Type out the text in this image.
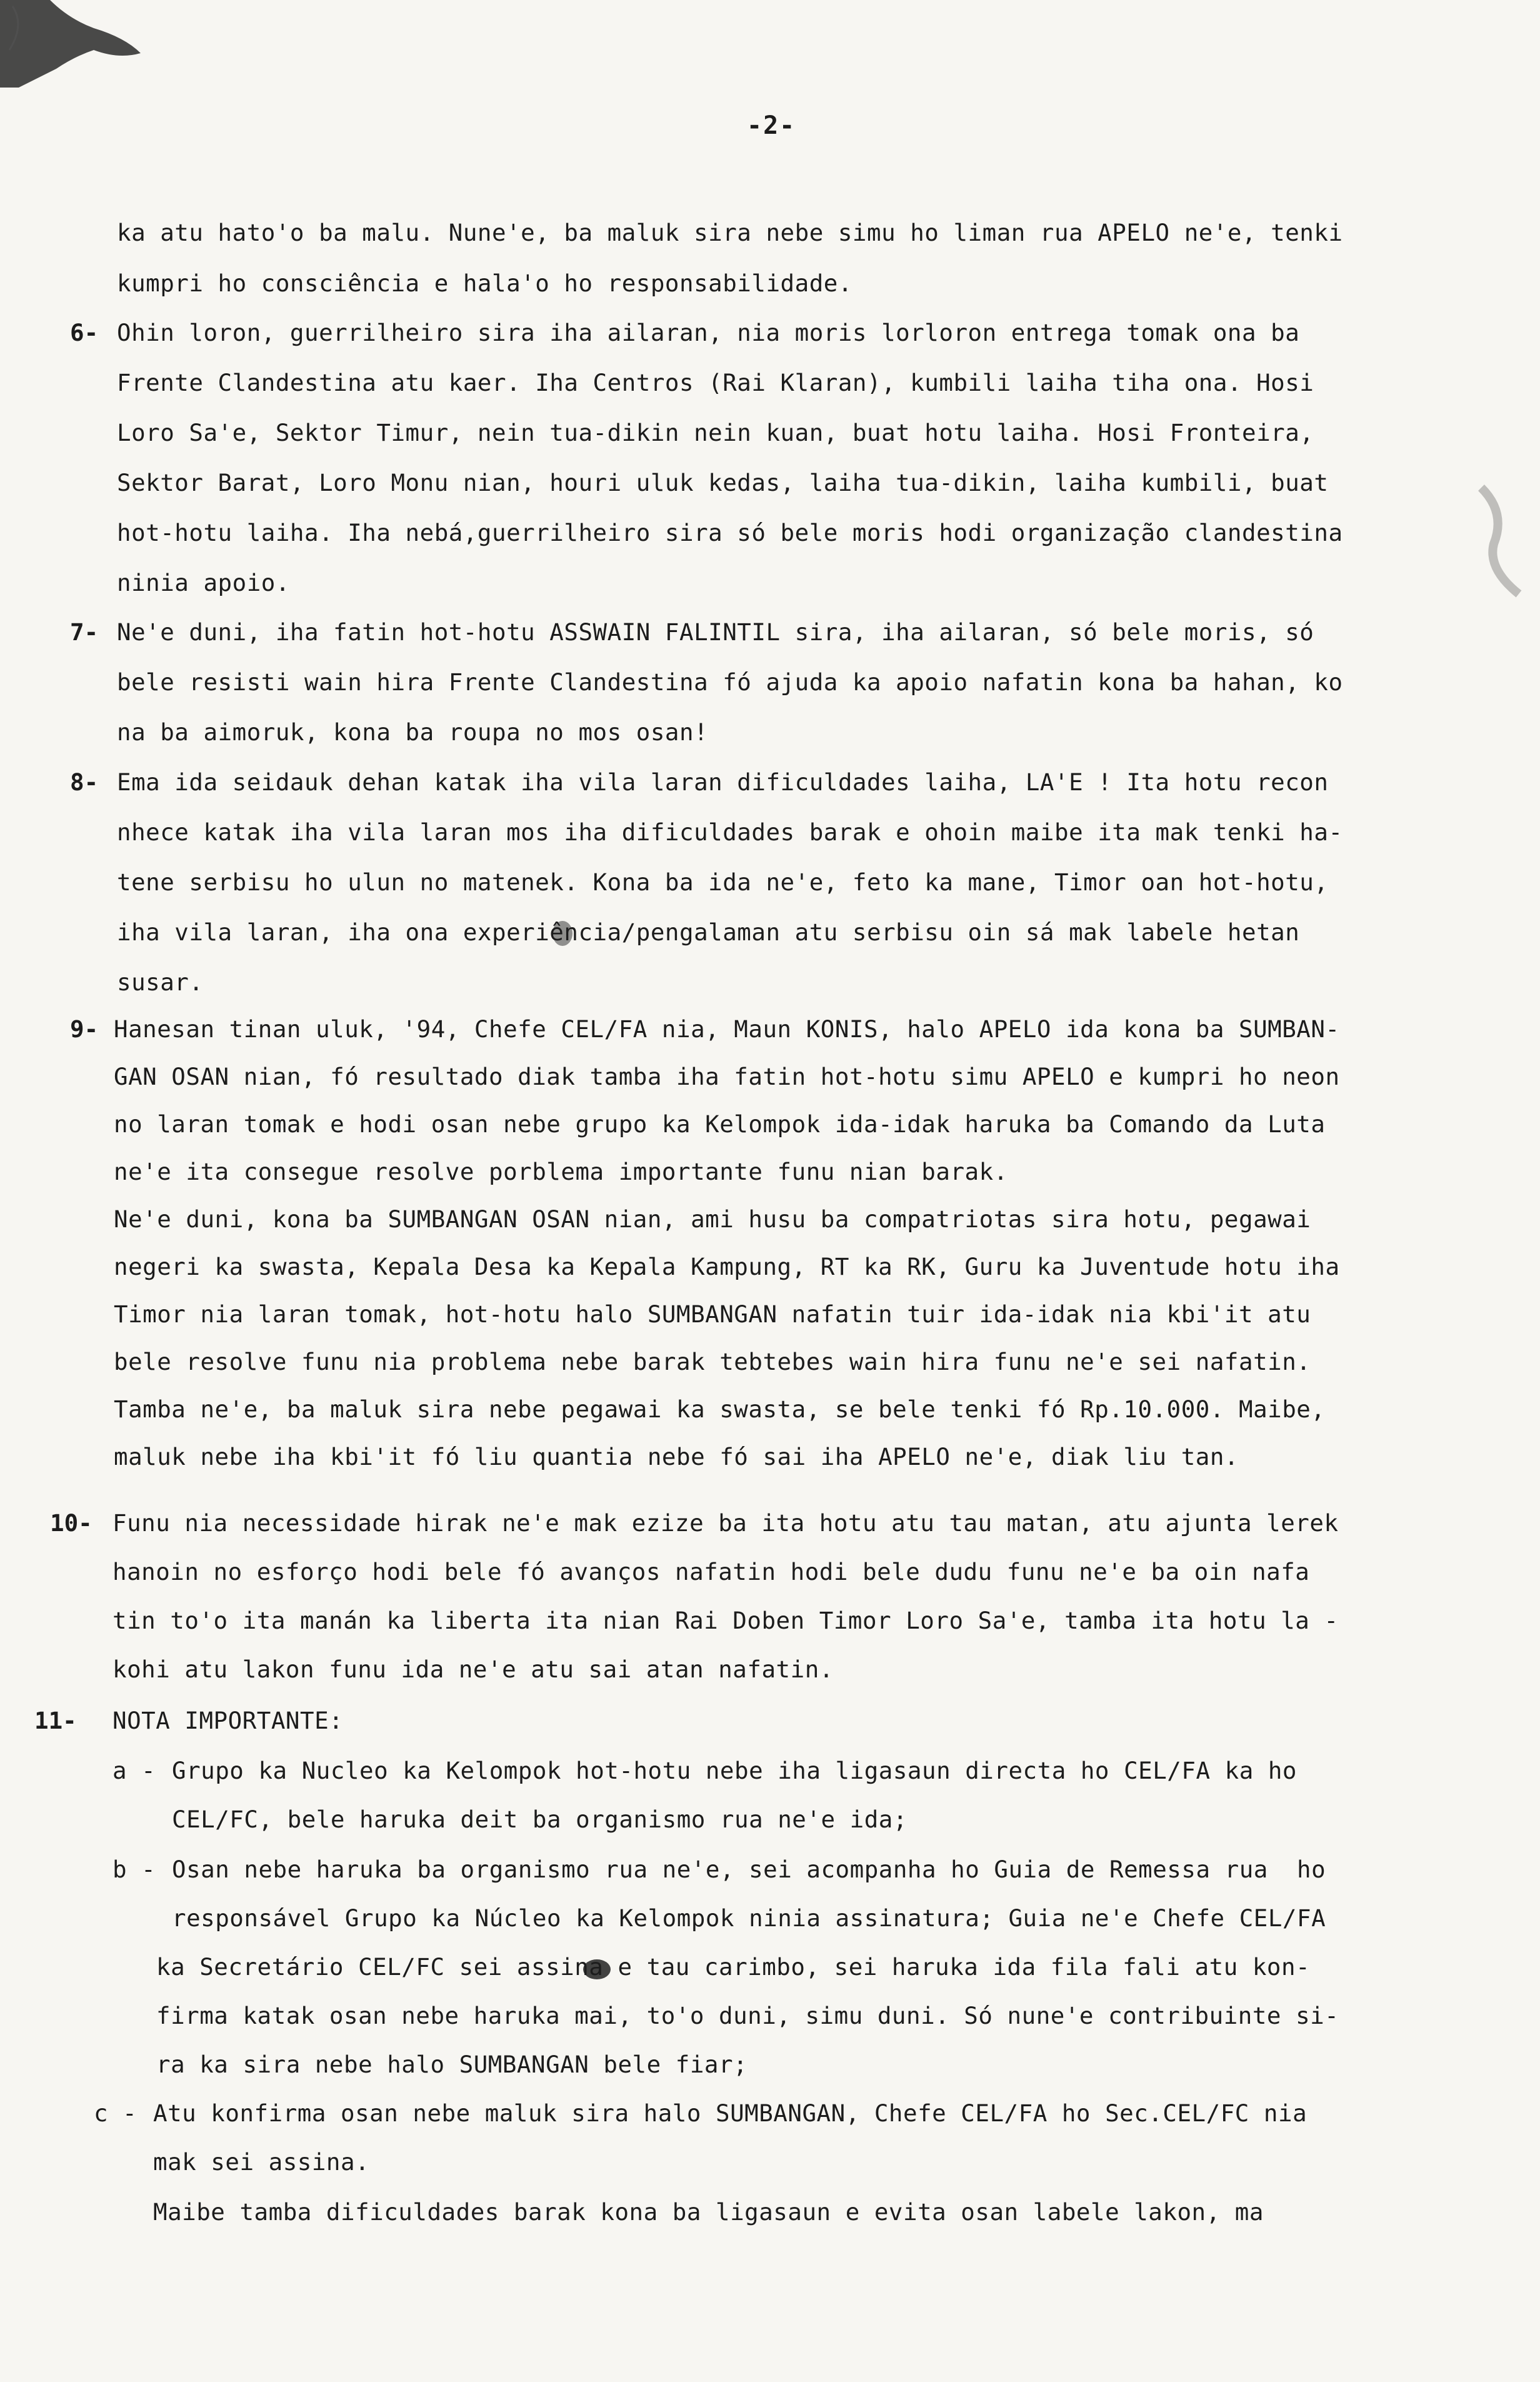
-2-
ka atu hato'o ba malu. Nune'e, ba maluk sira nebe simu ho liman rua APELO ne'e, tenki
kumpri ho consciência e hala'o ho responsabilidade.
6- Ohin loron, guerrilheiro sira iha ailaran, nia moris lorloron entrega tomak ona ba
Frente Clandestina atu kaer. Iha Centros (Rai Klaran), kumbili laiha tiha ona. Hosi
Loro Sa'e, Sektor Timur, nein tua-dikin nein kuan, buat hotu laiha. Hosi Fronteira,
Sektor Barat, Loro Monu nian, houri uluk kedas, laiha tua-dikin, laiha kumbili, buat
hot-hotu laiha. Iha nebá,guerrilheiro sira só bele moris hodi organização clandestina
ninia apoio.
7- Ne'e duni, iha fatin hot-hotu ASSWAIN FALINTIL sira, iha ailaran, só bele moris, só
bele resisti wain hira Frente Clandestina fó ajuda ka apoio nafatin kona ba hahan, ko
na ba aimoruk, kona ba roupa no mos osan!
8- Ema ida seidauk dehan katak iha vila laran dificuldades laiha, LA'E ! Ita hotu recon
nhece katak iha vila laran mos iha dificuldades barak e ohoin maibe ita mak tenki ha-
tene serbisu ho ulun no matenek. Kona ba ida ne'e, feto ka mane, Timor oan hot-hotu,
iha vila laran, iha ona experiência/pengalaman atu serbisu oin sá mak labele hetan
susar.
9- Hanesan tinan uluk, '94, Chefe CEL/FA nia, Maun KONIS, halo APELO ida kona ba SUMBAN-
GAN OSAN nian, fó resultado diak tamba iha fatin hot-hotu simu APELO e kumpri ho neon
no laran tomak e hodi osan nebe grupo ka Kelompok ida-idak haruka ba Comando da Luta
ne'e ita consegue resolve porblema importante funu nian barak.
Ne'e duni, kona ba SUMBANGAN OSAN nian, ami husu ba compatriotas sira hotu, pegawai
negeri ka swasta, Kepala Desa ka Kepala Kampung, RT ka RK, Guru ka Juventude hotu iha
Timor nia laran tomak, hot-hotu halo SUMBANGAN nafatin tuir ida-idak nia kbi'it atu
bele resolve funu nia problema nebe barak tebtebes wain hira funu ne'e sei nafatin.
Tamba ne'e, ba maluk sira nebe pegawai ka swasta, se bele tenki fó Rp.10.000. Maibe,
maluk nebe iha kbi'it fó liu quantia nebe fó sai iha APELO ne'e, diak liu tan.
10- Funu nia necessidade hirak ne'e mak ezize ba ita hotu atu tau matan, atu ajunta lerek
hanoin no esforço hodi bele fó avanços nafatin hodi bele dudu funu ne'e ba oin nafa
tin to'o ita manán ka liberta ita nian Rai Doben Timor Loro Sa'e, tamba ita hotu la -
kohi atu lakon funu ida ne'e atu sai atan nafatin.
11- NOTA IMPORTANTE:
a - Grupo ka Nucleo ka Kelompok hot-hotu nebe iha ligasaun directa ho CEL/FA ka ho
CEL/FC, bele haruka deit ba organismo rua ne'e ida;
b - Osan nebe haruka ba organismo rua ne'e, sei acompanha ho Guia de Remessa rua  ho
responsável Grupo ka Núcleo ka Kelompok ninia assinatura; Guia ne'e Chefe CEL/FA
ka Secretário CEL/FC sei assina e tau carimbo, sei haruka ida fila fali atu kon-
firma katak osan nebe haruka mai, to'o duni, simu duni. Só nune'e contribuinte si-
ra ka sira nebe halo SUMBANGAN bele fiar;
c - Atu konfirma osan nebe maluk sira halo SUMBANGAN, Chefe CEL/FA ho Sec.CEL/FC nia
mak sei assina.
Maibe tamba dificuldades barak kona ba ligasaun e evita osan labele lakon, ma
